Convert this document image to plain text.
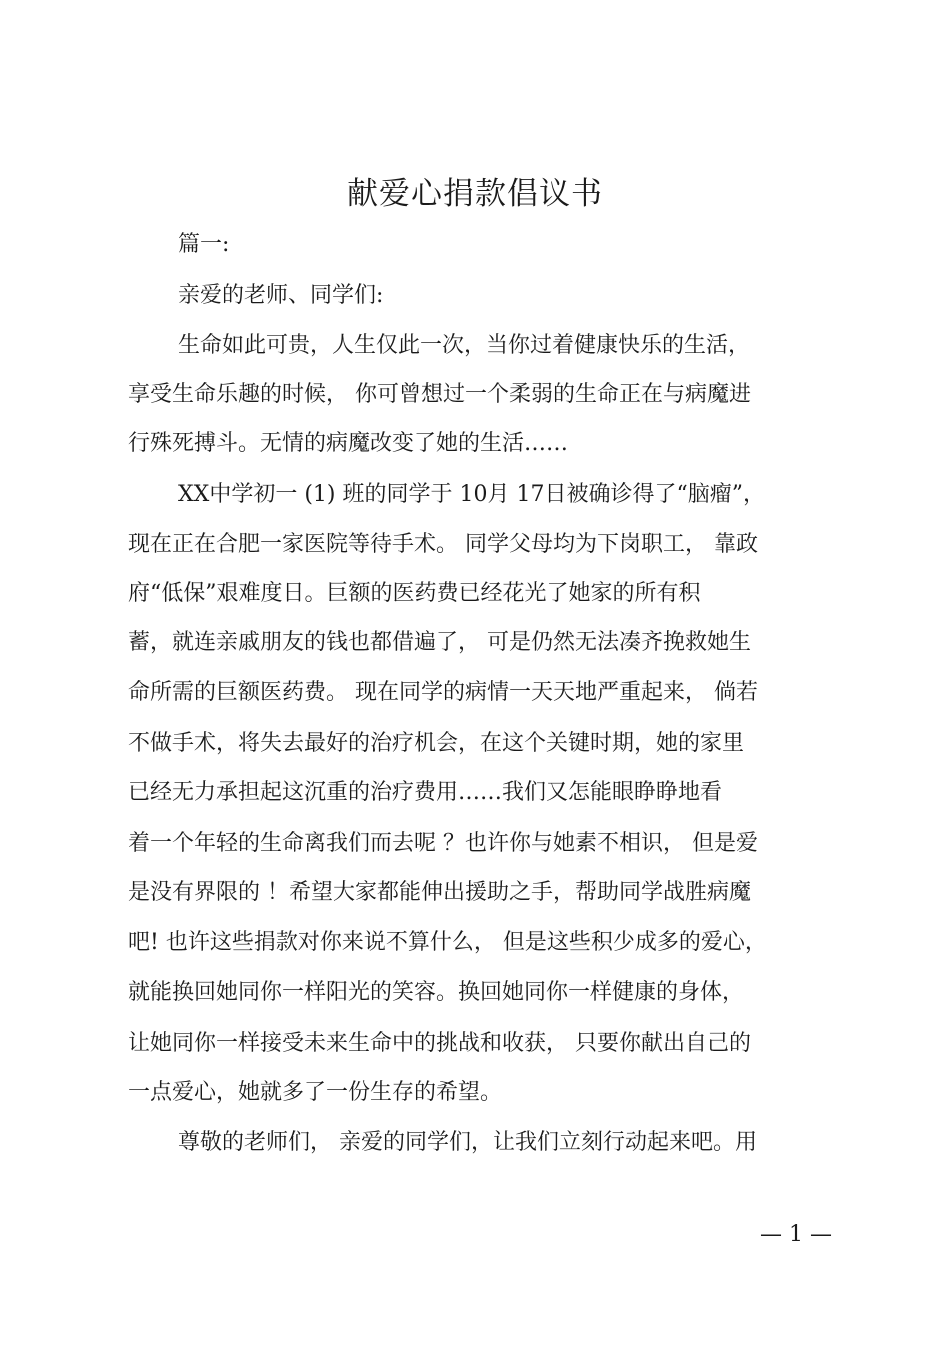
献爱心捐款倡议书
篇一:
亲爱的老师、同学们:
生命如此可贵，人生仅此一次，当你过着健康快乐的生活，
享受生命乐趣的时候， 你可曾想过一个柔弱的生命正在与病魔进
行殊死搏斗。无情的病魔改变了她的生活……
XX中学初一 (1) 班的同学于 10月 17日被确诊得了“脑瘤”，
现在正在合肥一家医院等待手术。 同学父母均为下岗职工， 靠政
府“低保”艰难度日。巨额的医药费已经花光了她家的所有积
蓄，就连亲戚朋友的钱也都借遍了， 可是仍然无法凑齐挽救她生
命所需的巨额医药费。 现在同学的病情一天天地严重起来， 倘若
不做手术，将失去最好的治疗机会，在这个关键时期，她的家里
已经无力承担起这沉重的治疗费用……我们又怎能眼睁睁地看
着一个年轻的生命离我们而去呢 ？也许你与她素不相识， 但是爱
是没有界限的 ！希望大家都能伸出援助之手，帮助同学战胜病魔
吧! 也许这些捐款对你来说不算什么， 但是这些积少成多的爱心，
就能换回她同你一样阳光的笑容。换回她同你一样健康的身体，
让她同你一样接受未来生命中的挑战和收获， 只要你献出自己的
一点爱心，她就多了一份生存的希望。
尊敬的老师们， 亲爱的同学们，让我们立刻行动起来吧。用
— 1 —
